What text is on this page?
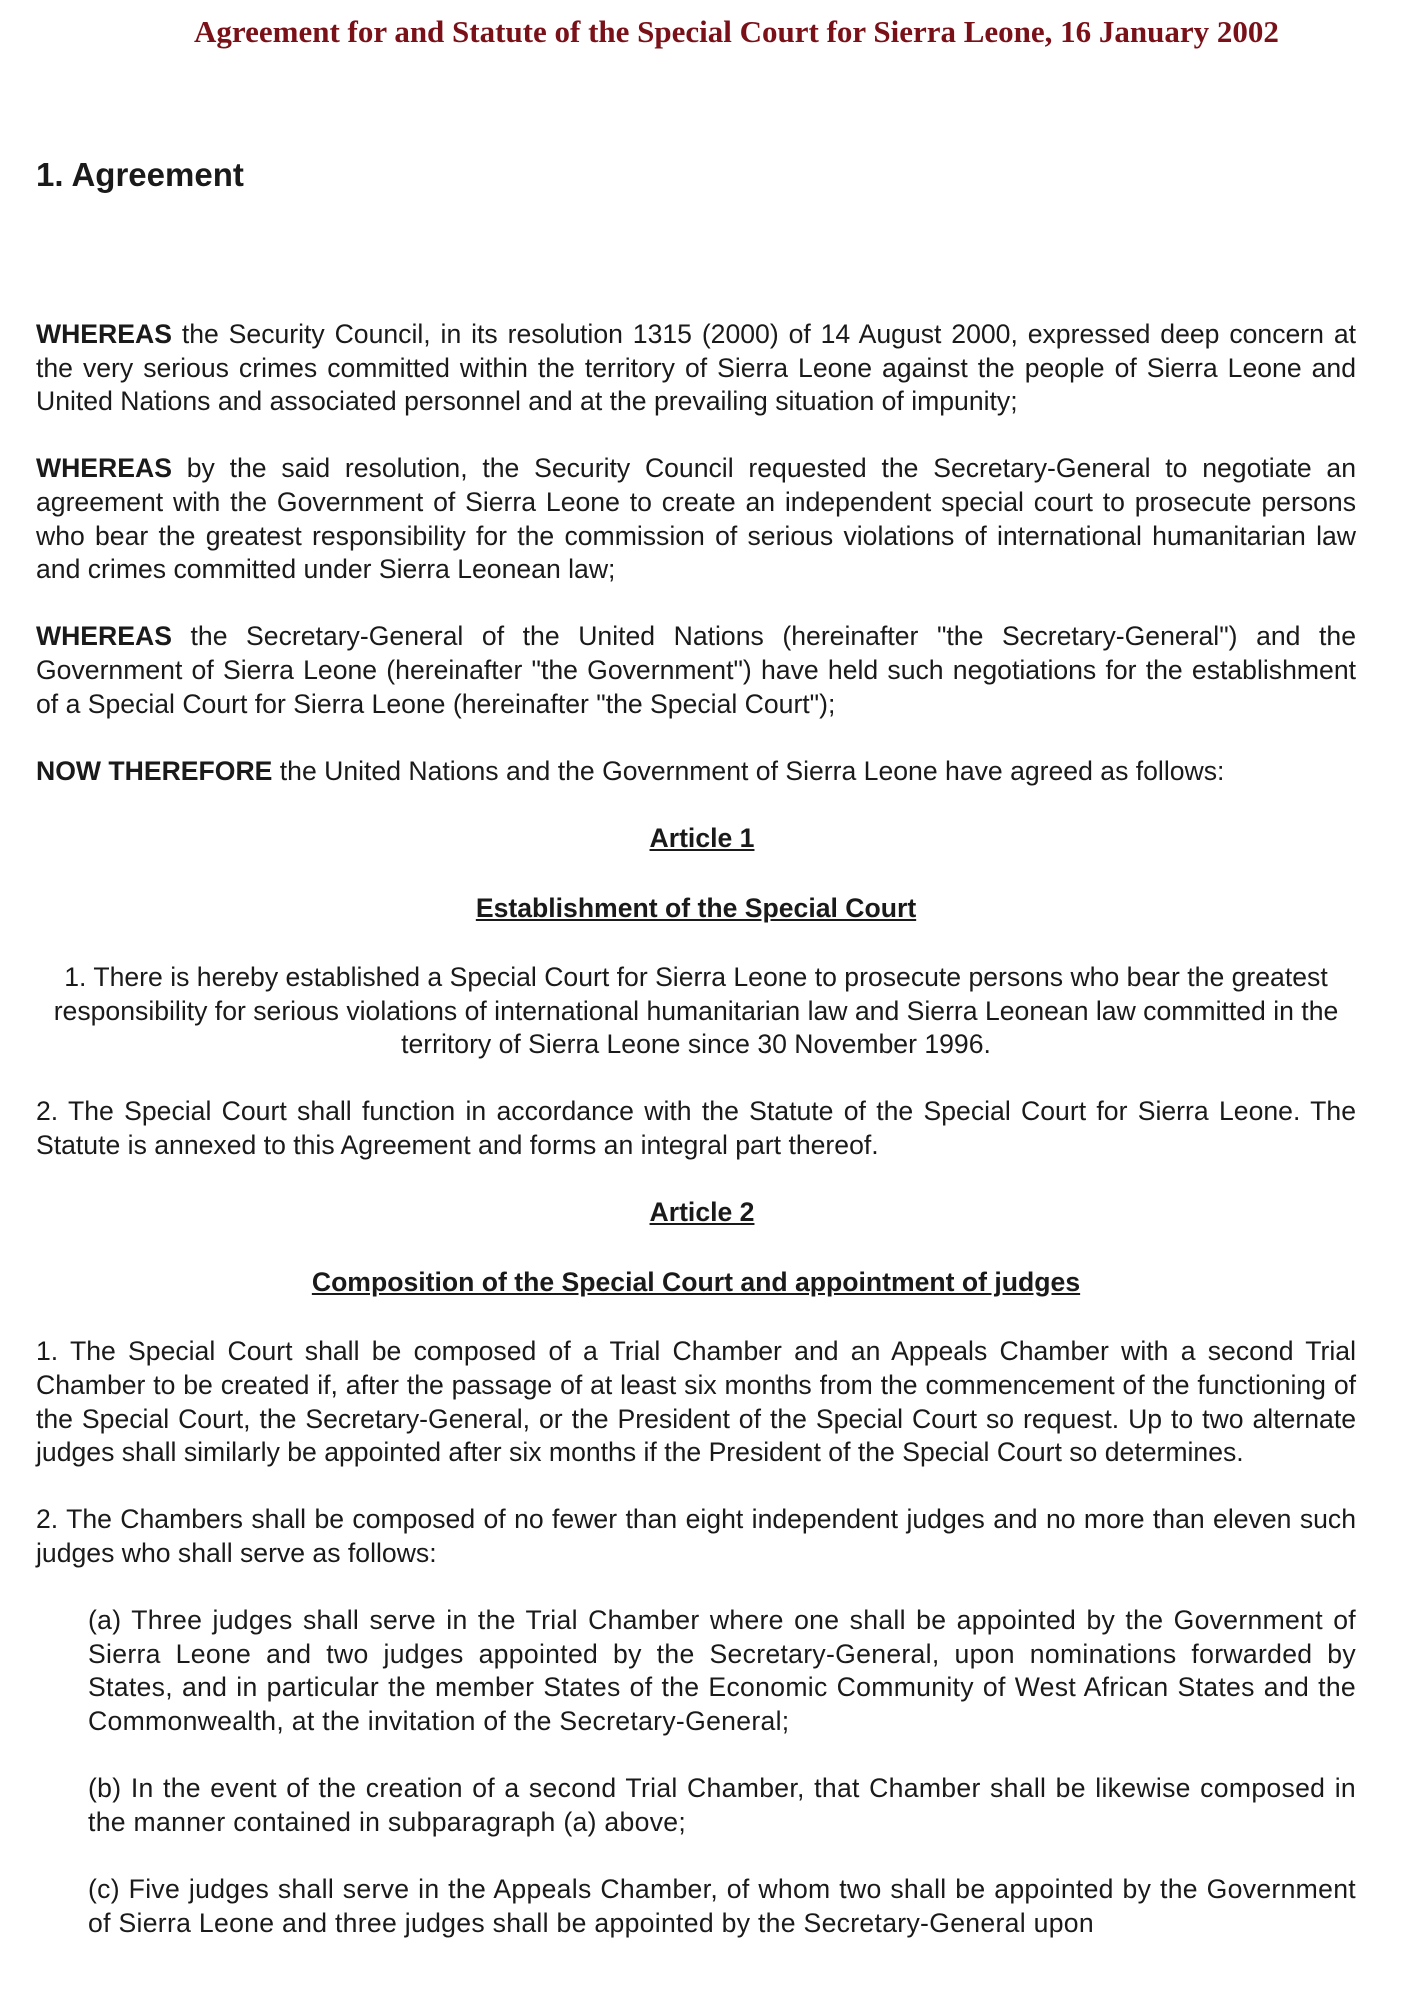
Agreement for and Statute of the Special Court for Sierra Leone, 16 January 2002
1. Agreement

WHEREAS the Security Council, in its resolution 1315 (2000) of 14 August 2000, expressed deep concern at the very serious crimes committed within the territory of Sierra Leone against the people of Sierra Leone and United Nations and associated personnel and at the prevailing situation of impunity;

WHEREAS by the said resolution, the Security Council requested the Secretary-General to negotiate an agreement with the Government of Sierra Leone to create an independent special court to prosecute persons who bear the greatest responsibility for the commission of serious violations of international humanitarian law and crimes committed under Sierra Leonean law;

WHEREAS the Secretary-General of the United Nations (hereinafter "the Secretary-General") and the Government of Sierra Leone (hereinafter "the Government") have held such negotiations for the establishment of a Special Court for Sierra Leone (hereinafter "the Special Court");

NOW THEREFORE the United Nations and the Government of Sierra Leone have agreed as follows:

Article 1
Establishment of the Special Court

1. There is hereby established a Special Court for Sierra Leone to prosecute persons who bear the greatest responsibility for serious violations of international humanitarian law and Sierra Leonean law committed in the territory of Sierra Leone since 30 November 1996.

2. The Special Court shall function in accordance with the Statute of the Special Court for Sierra Leone. The Statute is annexed to this Agreement and forms an integral part thereof.

Article 2
Composition of the Special Court and appointment of judges

1. The Special Court shall be composed of a Trial Chamber and an Appeals Chamber with a second Trial Chamber to be created if, after the passage of at least six months from the commencement of the functioning of the Special Court, the Secretary-General, or the President of the Special Court so request. Up to two alternate judges shall similarly be appointed after six months if the President of the Special Court so determines.

2. The Chambers shall be composed of no fewer than eight independent judges and no more than eleven such judges who shall serve as follows:

(a) Three judges shall serve in the Trial Chamber where one shall be appointed by the Government of Sierra Leone and two judges appointed by the Secretary-General, upon nominations forwarded by States, and in particular the member States of the Economic Community of West African States and the Commonwealth, at the invitation of the Secretary-General;

(b) In the event of the creation of a second Trial Chamber, that Chamber shall be likewise composed in the manner contained in subparagraph (a) above;

(c) Five judges shall serve in the Appeals Chamber, of whom two shall be appointed by the Government of Sierra Leone and three judges shall be appointed by the Secretary-General upon
